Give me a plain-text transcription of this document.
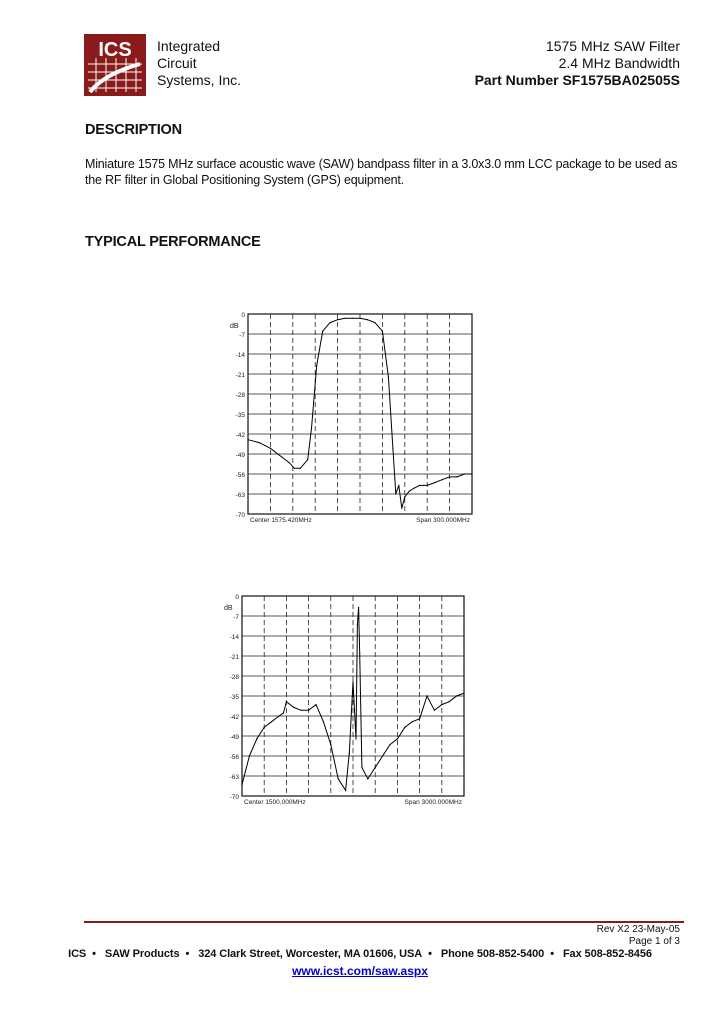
ICS Integrated
Circuit
Systems, Inc.
1575 MHz SAW Filter
2.4 MHz Bandwidth
Part Number SF1575BA02505S
DESCRIPTION
Miniature 1575 MHz surface acoustic wave (SAW) bandpass filter in a 3.0x3.0 mm LCC package to be used as the RF filter in Global Positioning System (GPS) equipment.
TYPICAL PERFORMANCE
0
-7
-14
-21
-28
-35
-42
-49
-56
-63
-70
dB
Center 1575.420MHz	Span 300.000MHz
0
-7
-14
-21
-28
-35
-42
-49
-56
-63
-70
dB
Center 1500.000MHz	Span 3000.000MHz
Rev X2 23-May-05
Page 1 of 3
ICS • SAW Products • 324 Clark Street, Worcester, MA 01606, USA • Phone 508-852-5400 • Fax 508-852-8456
www.icst.com/saw.aspx
